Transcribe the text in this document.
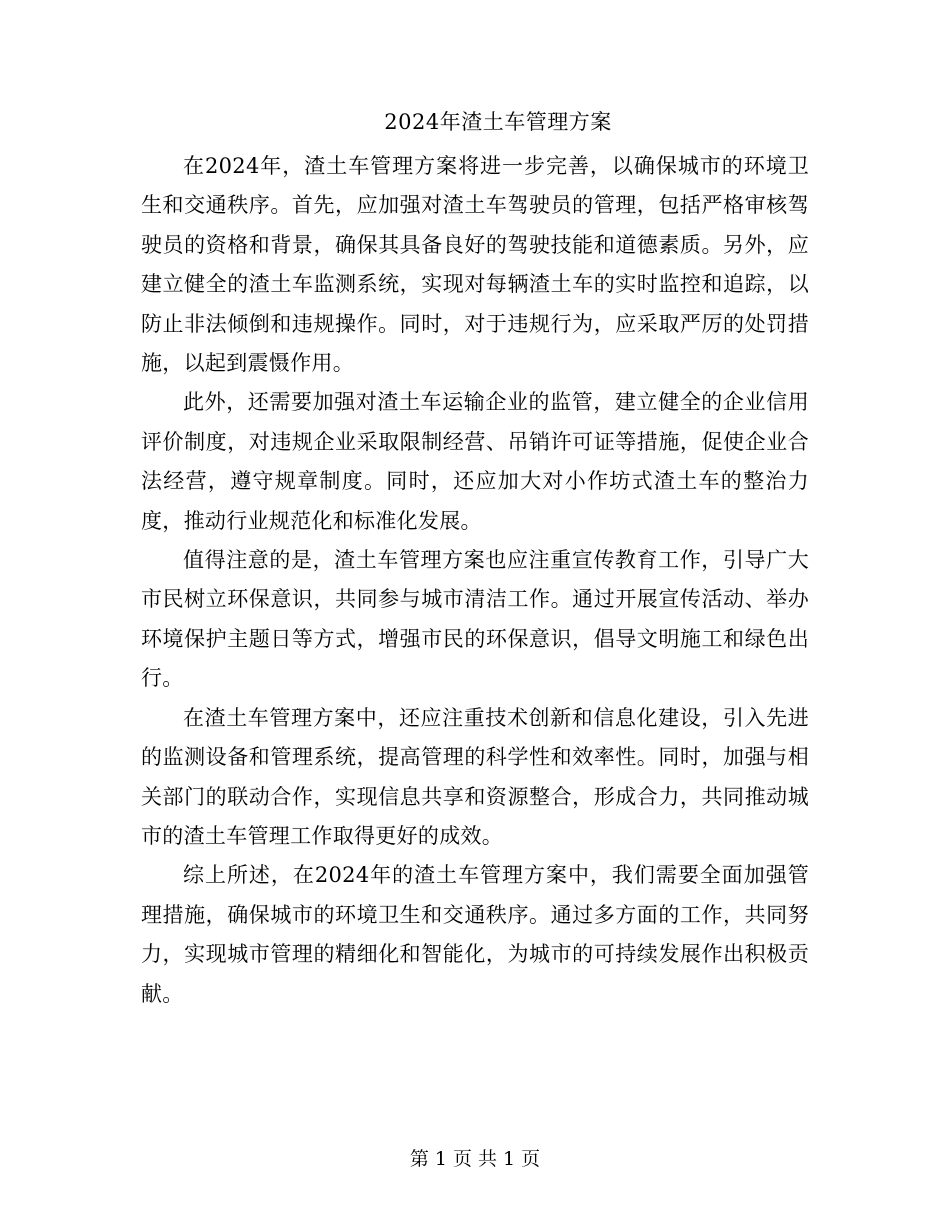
2024年渣土车管理方案

在2024年，渣土车管理方案将进一步完善，以确保城市的环境卫生和交通秩序。首先，应加强对渣土车驾驶员的管理，包括严格审核驾驶员的资格和背景，确保其具备良好的驾驶技能和道德素质。另外，应建立健全的渣土车监测系统，实现对每辆渣土车的实时监控和追踪，以防止非法倾倒和违规操作。同时，对于违规行为，应采取严厉的处罚措施，以起到震慑作用。

此外，还需要加强对渣土车运输企业的监管，建立健全的企业信用评价制度，对违规企业采取限制经营、吊销许可证等措施，促使企业合法经营，遵守规章制度。同时，还应加大对小作坊式渣土车的整治力度，推动行业规范化和标准化发展。

值得注意的是，渣土车管理方案也应注重宣传教育工作，引导广大市民树立环保意识，共同参与城市清洁工作。通过开展宣传活动、举办环境保护主题日等方式，增强市民的环保意识，倡导文明施工和绿色出行。

在渣土车管理方案中，还应注重技术创新和信息化建设，引入先进的监测设备和管理系统，提高管理的科学性和效率性。同时，加强与相关部门的联动合作，实现信息共享和资源整合，形成合力，共同推动城市的渣土车管理工作取得更好的成效。

综上所述，在2024年的渣土车管理方案中，我们需要全面加强管理措施，确保城市的环境卫生和交通秩序。通过多方面的工作，共同努力，实现城市管理的精细化和智能化，为城市的可持续发展作出积极贡献。

第 1 页 共 1 页
